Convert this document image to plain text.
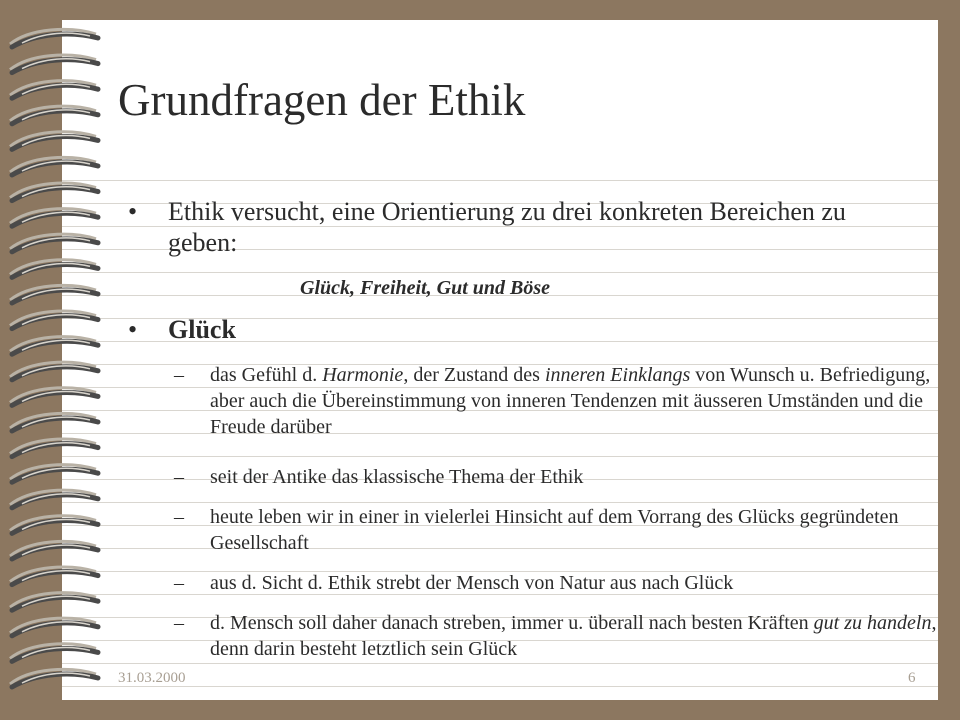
Grundfragen der Ethik
• Ethik versucht, eine Orientierung zu drei konkreten Bereichen zu geben:
Glück, Freiheit, Gut und Böse
• Glück
– das Gefühl d. Harmonie, der Zustand des inneren Einklangs von Wunsch u. Befriedigung, aber auch die Übereinstimmung von inneren Tendenzen mit äusseren Umständen und die Freude darüber
– seit der Antike das klassische Thema der Ethik
– heute leben wir in einer in vielerlei Hinsicht auf dem Vorrang des Glücks gegründeten Gesellschaft
– aus d. Sicht d. Ethik strebt der Mensch von Natur aus nach Glück
– d. Mensch soll daher danach streben, immer u. überall nach besten Kräften gut zu handeln, denn darin besteht letztlich sein Glück
31.03.2000	6
